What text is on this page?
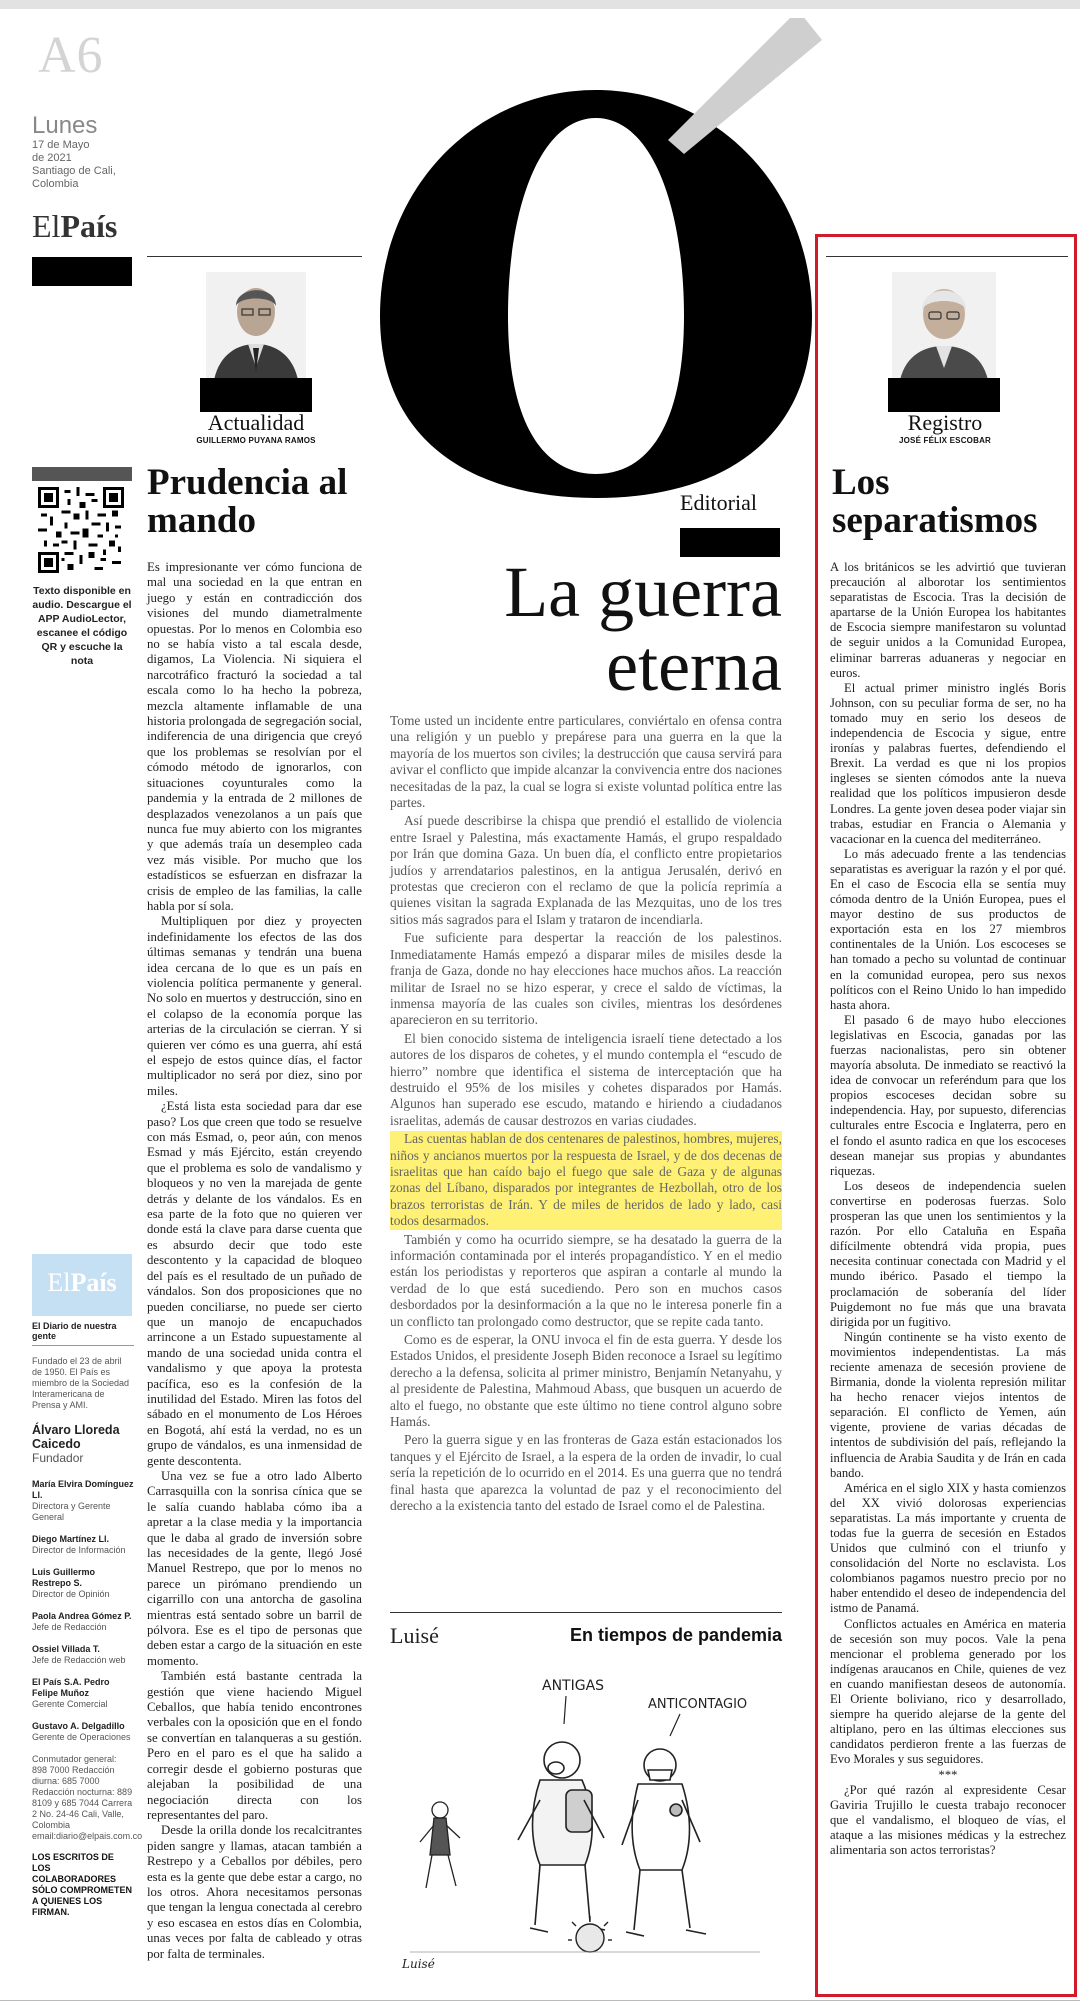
A6
Lunes
17 de Mayo
de 2021
Santiago de Cali,
Colombia
ElPaís
Texto disponible en audio. Descargue el APP AudioLector, escanee el código QR y escuche la nota
ElPaís
El Diario de nuestra gente
Fundado el 23 de abril de 1950. El País es miembro de la Sociedad Interamericana de Prensa y AMI.
Álvaro Lloreda Caicedo
Fundador
María Elvira Domínguez Ll.
Directora y Gerente General
Diego Martínez Ll.
Director de Información
Luis Guillermo Restrepo S.
Director de Opinión
Paola Andrea Gómez P.
Jefe de Redacción
Ossiel Villada T.
Jefe de Redacción web
El País S.A. Pedro Felipe Muñoz
Gerente Comercial
Gustavo A. Delgadillo
Gerente de Operaciones
Conmutador general: 898 7000 Redacción diurna: 685 7000 Redacción nocturna: 889 8109 y 685 7044 Carrera 2 No. 24-46 Cali, Valle, Colombia email:diario@elpais.com.co
LOS ESCRITOS DE LOS COLABORADORES SÓLO COMPROMETEN A QUIENES LOS FIRMAN.
Actualidad
GUILLERMO PUYANA RAMOS
Prudencia al mando

Es impresionante ver cómo funciona de mal una sociedad en la que entran en juego y están en contradicción dos visiones del mundo diametralmente opuestas. Por lo menos en Colombia eso no se había visto a tal escala desde, digamos, La Violencia. Ni siquiera el narcotráfico fracturó la sociedad a tal escala como lo ha hecho la pobreza, mezcla altamente inflamable de una historia prolongada de segregación social, indiferencia de una dirigencia que creyó que los problemas se resolvían por el cómodo método de ignorarlos, con situaciones coyunturales como la pandemia y la entrada de 2 millones de desplazados venezolanos a un país que nunca fue muy abierto con los migrantes y que además traía un desempleo cada vez más visible. Por mucho que los estadísticos se esfuerzan en disfrazar la crisis de empleo de las familias, la calle habla por sí sola.

Multipliquen por diez y proyecten indefinidamente los efectos de las dos últimas semanas y tendrán una buena idea cercana de lo que es un país en violencia política permanente y general. No solo en muertos y destrucción, sino en el colapso de la economía porque las arterias de la circulación se cierran. Y si quieren ver cómo es una guerra, ahí está el espejo de estos quince días, el factor multiplicador no será por diez, sino por miles.

¿Está lista esta sociedad para dar ese paso? Los que creen que todo se resuelve con más Esmad, o, peor aún, con menos Esmad y más Ejército, están creyendo que el problema es solo de vandalismo y bloqueos y no ven la marejada de gente detrás y delante de los vándalos. Es en esa parte de la foto que no quieren ver donde está la clave para darse cuenta que es absurdo decir que todo este descontento y la capacidad de bloqueo del país es el resultado de un puñado de vándalos. Son dos proposiciones que no pueden conciliarse, no puede ser cierto que un manojo de encapuchados arrincone a un Estado supuestamente al mando de una sociedad unida contra el vandalismo y que apoya la protesta pacífica, eso es la confesión de la inutilidad del Estado. Miren las fotos del sábado en el monumento de Los Héroes en Bogotá, ahí está la verdad, no es un grupo de vándalos, es una inmensidad de gente descontenta.

Una vez se fue a otro lado Alberto Carrasquilla con la sonrisa cínica que se le salía cuando hablaba cómo iba a apretar a la clase media y la importancia que le daba al grado de inversión sobre las necesidades de la gente, llegó José Manuel Restrepo, que por lo menos no parece un pirómano prendiendo un cigarrillo con una antorcha de gasolina mientras está sentado sobre un barril de pólvora. Ese es el tipo de personas que deben estar a cargo de la situación en este momento.

También está bastante centrada la gestión que viene haciendo Miguel Ceballos, que había tenido encontrones verbales con la oposición que en el fondo se convertían en talanqueras a su gestión. Pero en el paro es el que ha salido a corregir desde el gobierno posturas que alejaban la posibilidad de una negociación directa con los representantes del paro.

Desde la orilla donde los recalcitrantes piden sangre y llamas, atacan también a Restrepo y a Ceballos por débiles, pero esta es la gente que debe estar a cargo, no los otros. Ahora necesitamos personas que tengan la lengua conectada al cerebro y eso escasea en estos días en Colombia, unas veces por falta de cableado y otras por falta de terminales.

Editorial
La guerra
eterna

Tome usted un incidente entre particulares, conviértalo en ofensa contra una religión y un pueblo y prepárese para una guerra en la que la mayoría de los muertos son civiles; la destrucción que causa servirá para avivar el conflicto que impide alcanzar la convivencia entre dos naciones necesitadas de la paz, la cual se logra si existe voluntad política entre las partes.

Así puede describirse la chispa que prendió el estallido de violencia entre Israel y Palestina, más exactamente Hamás, el grupo respaldado por Irán que domina Gaza. Un buen día, el conflicto entre propietarios judíos y arrendatarios palestinos, en la antigua Jerusalén, derivó en protestas que crecieron con el reclamo de que la policía reprimía a quienes visitan la sagrada Explanada de las Mezquitas, uno de los tres sitios más sagrados para el Islam y trataron de incendiarla.

Fue suficiente para despertar la reacción de los palestinos. Inmediatamente Hamás empezó a disparar miles de misiles desde la franja de Gaza, donde no hay elecciones hace muchos años. La reacción militar de Israel no se hizo esperar, y crece el saldo de víctimas, la inmensa mayoría de las cuales son civiles, mientras los desórdenes aparecieron en su territorio.

El bien conocido sistema de inteligencia israelí tiene detectado a los autores de los disparos de cohetes, y el mundo contempla el “escudo de hierro” nombre que identifica el sistema de interceptación que ha destruido el 95% de los misiles y cohetes disparados por Hamás. Algunos han superado ese escudo, matando e hiriendo a ciudadanos israelitas, además de causar destrozos en varias ciudades.

Las cuentas hablan de dos centenares de palestinos, hombres, mujeres, niños y ancianos muertos por la respuesta de Israel, y de dos decenas de israelitas que han caído bajo el fuego que sale de Gaza y de algunas zonas del Líbano, disparados por integrantes de Hezbollah, otro de los brazos terroristas de Irán. Y de miles de heridos de lado y lado, casi todos desarmados.

También y como ha ocurrido siempre, se ha desatado la guerra de la información contaminada por el interés propagandístico. Y en el medio están los periodistas y reporteros que aspiran a contarle al mundo la verdad de lo que está sucediendo. Pero son en muchos casos desbordados por la desinformación a la que no le interesa ponerle fin a un conflicto tan prolongado como destructor, que se repite cada tanto.

Como es de esperar, la ONU invoca el fin de esta guerra. Y desde los Estados Unidos, el presidente Joseph Biden reconoce a Israel su legítimo derecho a la defensa, solicita al primer ministro, Benjamín Netanyahu, y al presidente de Palestina, Mahmoud Abass, que busquen un acuerdo de alto el fuego, no obstante que este último no tiene control alguno sobre Hamás.

Pero la guerra sigue y en las fronteras de Gaza están estacionados los tanques y el Ejército de Israel, a la espera de la orden de invadir, lo cual sería la repetición de lo ocurrido en el 2014. Es una guerra que no tendrá final hasta que aparezca la voluntad de paz y el reconocimiento del derecho a la existencia tanto del estado de Israel como el de Palestina.

Luisé	En tiempos de pandemia
ANTIGAS
ANTICONTAGIO
Luisé
Registro
JOSÉ FÉLIX ESCOBAR
Los separatismos

A los británicos se les advirtió que tuvieran precaución al alborotar los sentimientos separatistas de Escocia. Tras la decisión de apartarse de la Unión Europea los habitantes de Escocia siempre manifestaron su voluntad de seguir unidos a la Comunidad Europea, eliminar barreras aduaneras y negociar en euros.

El actual primer ministro inglés Boris Johnson, con su peculiar forma de ser, no ha tomado muy en serio los deseos de independencia de Escocia y sigue, entre ironías y palabras fuertes, defendiendo el Brexit. La verdad es que ni los propios ingleses se sienten cómodos ante la nueva realidad que los políticos impusieron desde Londres. La gente joven desea poder viajar sin trabas, estudiar en Francia o Alemania y vacacionar en la cuenca del mediterráneo.

Lo más adecuado frente a las tendencias separatistas es averiguar la razón y el por qué. En el caso de Escocia ella se sentía muy cómoda dentro de la Unión Europea, pues el mayor destino de sus productos de exportación esta en los 27 miembros continentales de la Unión. Los escoceses se han tomado a pecho su voluntad de continuar en la comunidad europea, pero sus nexos políticos con el Reino Unido lo han impedido hasta ahora.

El pasado 6 de mayo hubo elecciones legislativas en Escocia, ganadas por las fuerzas nacionalistas, pero sin obtener mayoría absoluta. De inmediato se reactivó la idea de convocar un referéndum para que los propios escoceses decidan sobre su independencia. Hay, por supuesto, diferencias culturales entre Escocia e Inglaterra, pero en el fondo el asunto radica en que los escoceses desean manejar sus propias y abundantes riquezas.

Los deseos de independencia suelen convertirse en poderosas fuerzas. Solo prosperan las que unen los sentimientos y la razón. Por ello Cataluña en España difícilmente obtendrá vida propia, pues necesita continuar conectada con Madrid y el mundo ibérico. Pasado el tiempo la proclamación de soberanía del líder Puigdemont no fue más que una bravata dirigida por un fugitivo.

Ningún continente se ha visto exento de movimientos independentistas. La más reciente amenaza de secesión proviene de Birmania, donde la violenta represión militar ha hecho renacer viejos intentos de separación. El conflicto de Yemen, aún vigente, proviene de varias décadas de intentos de subdivisión del país, reflejando la influencia de Arabia Saudita y de Irán en cada bando.

América en el siglo XIX y hasta comienzos del XX vivió dolorosas experiencias separatistas. La más importante y cruenta de todas fue la guerra de secesión en Estados Unidos que culminó con el triunfo y consolidación del Norte no esclavista. Los colombianos pagamos nuestro precio por no haber entendido el deseo de independencia del istmo de Panamá.

Conflictos actuales en América en materia de secesión son muy pocos. Vale la pena mencionar el problema generado por los indígenas araucanos en Chile, quienes de vez en cuando manifiestan deseos de autonomía. El Oriente boliviano, rico y desarrollado, siempre ha querido alejarse de la gente del altiplano, pero en las últimas elecciones sus candidatos perdieron frente a las fuerzas de Evo Morales y sus seguidores.

***

¿Por qué razón al expresidente Cesar Gaviria Trujillo le cuesta trabajo reconocer que el vandalismo, el bloqueo de vías, el ataque a las misiones médicas y la estrechez alimentaria son actos terroristas?
